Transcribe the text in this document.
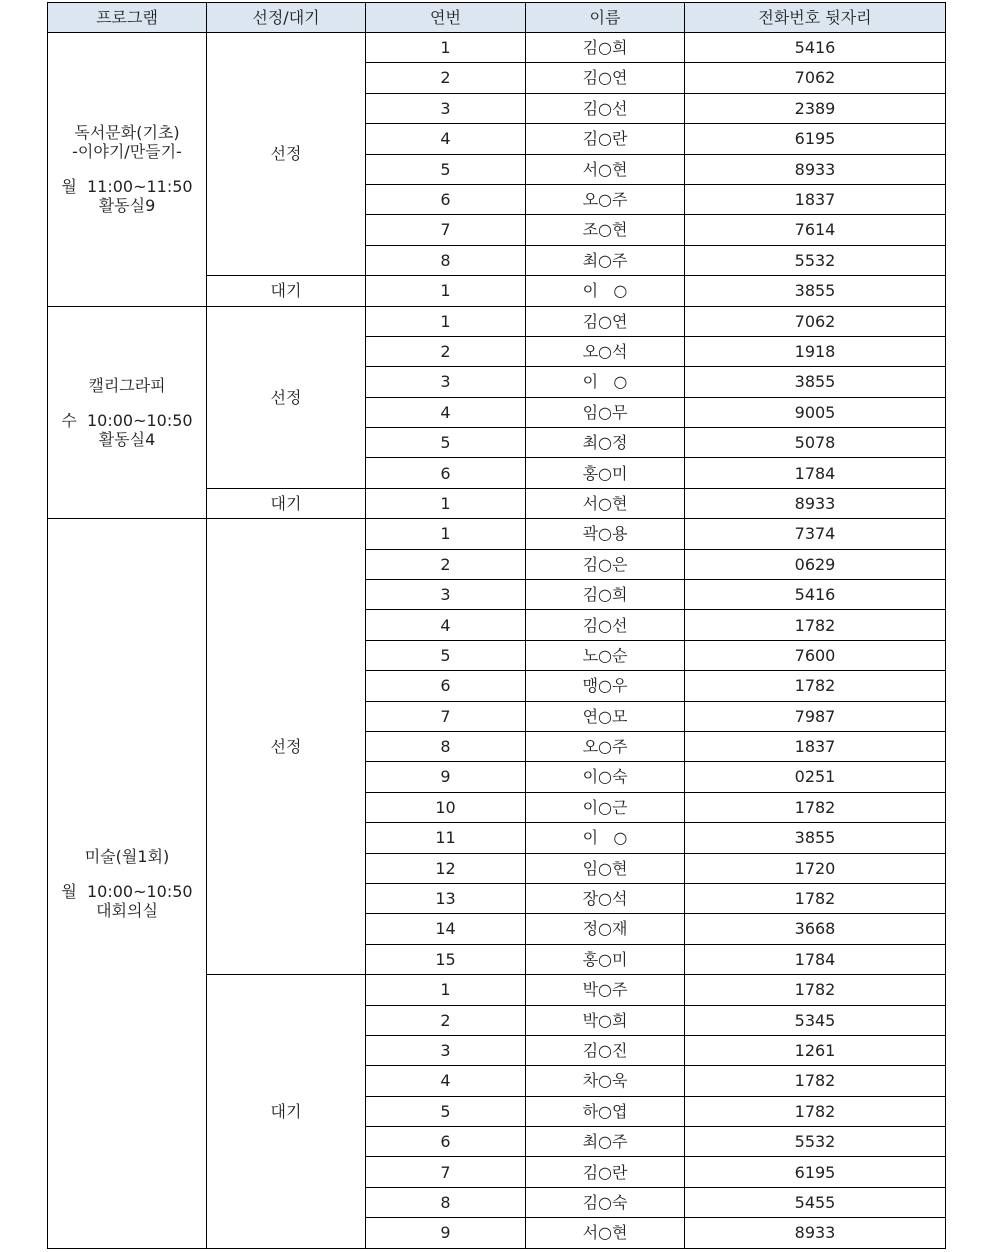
프로그램	선정/대기	연번	이름	전화번호 뒷자리

독서문화(기초)
-이야기/만들기-
월  11:00~11:50
활동실9	선정	1	김○희	5416
		2	김○연	7062
		3	김○선	2389
		4	김○란	6195
		5	서○현	8933
		6	오○주	1837
		7	조○현	7614
		8	최○주	5532
	대기	1	이   ○	3855

캘리그라피
수  10:00~10:50
활동실4	선정	1	김○연	7062
		2	오○석	1918
		3	이   ○	3855
		4	임○무	9005
		5	최○정	5078
		6	홍○미	1784
	대기	1	서○현	8933

미술(월1회)
월  10:00~10:50
대회의실	선정	1	곽○용	7374
		2	김○은	0629
		3	김○희	5416
		4	김○선	1782
		5	노○순	7600
		6	맹○우	1782
		7	연○모	7987
		8	오○주	1837
		9	이○숙	0251
		10	이○근	1782
		11	이   ○	3855
		12	임○현	1720
		13	장○석	1782
		14	정○재	3668
		15	홍○미	1784
	대기	1	박○주	1782
		2	박○희	5345
		3	김○진	1261
		4	차○욱	1782
		5	하○엽	1782
		6	최○주	5532
		7	김○란	6195
		8	김○숙	5455
		9	서○현	8933
